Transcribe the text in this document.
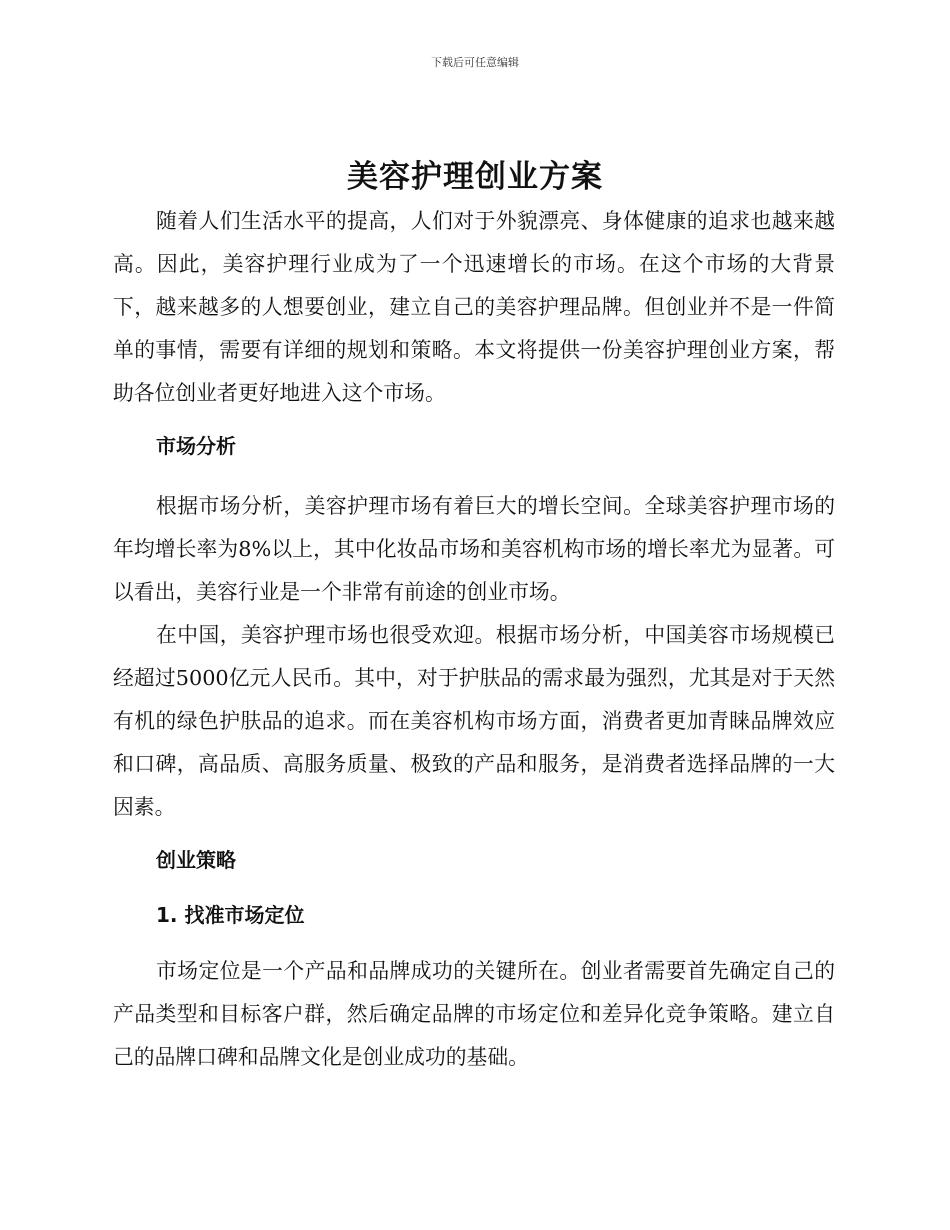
下载后可任意编辑
美容护理创业方案

随着人们生活水平的提高，人们对于外貌漂亮、身体健康的追求也越来越高。因此，美容护理行业成为了一个迅速增长的市场。在这个市场的大背景下，越来越多的人想要创业，建立自己的美容护理品牌。但创业并不是一件简单的事情，需要有详细的规划和策略。本文将提供一份美容护理创业方案，帮助各位创业者更好地进入这个市场。

市场分析

根据市场分析，美容护理市场有着巨大的增长空间。全球美容护理市场的年均增长率为8%以上，其中化妆品市场和美容机构市场的增长率尤为显著。可以看出，美容行业是一个非常有前途的创业市场。

在中国，美容护理市场也很受欢迎。根据市场分析，中国美容市场规模已经超过5000亿元人民币。其中，对于护肤品的需求最为强烈，尤其是对于天然有机的绿色护肤品的追求。而在美容机构市场方面，消费者更加青睐品牌效应和口碑，高品质、高服务质量、极致的产品和服务，是消费者选择品牌的一大因素。

创业策略
1. 找准市场定位

市场定位是一个产品和品牌成功的关键所在。创业者需要首先确定自己的产品类型和目标客户群，然后确定品牌的市场定位和差异化竞争策略。建立自己的品牌口碑和品牌文化是创业成功的基础。
